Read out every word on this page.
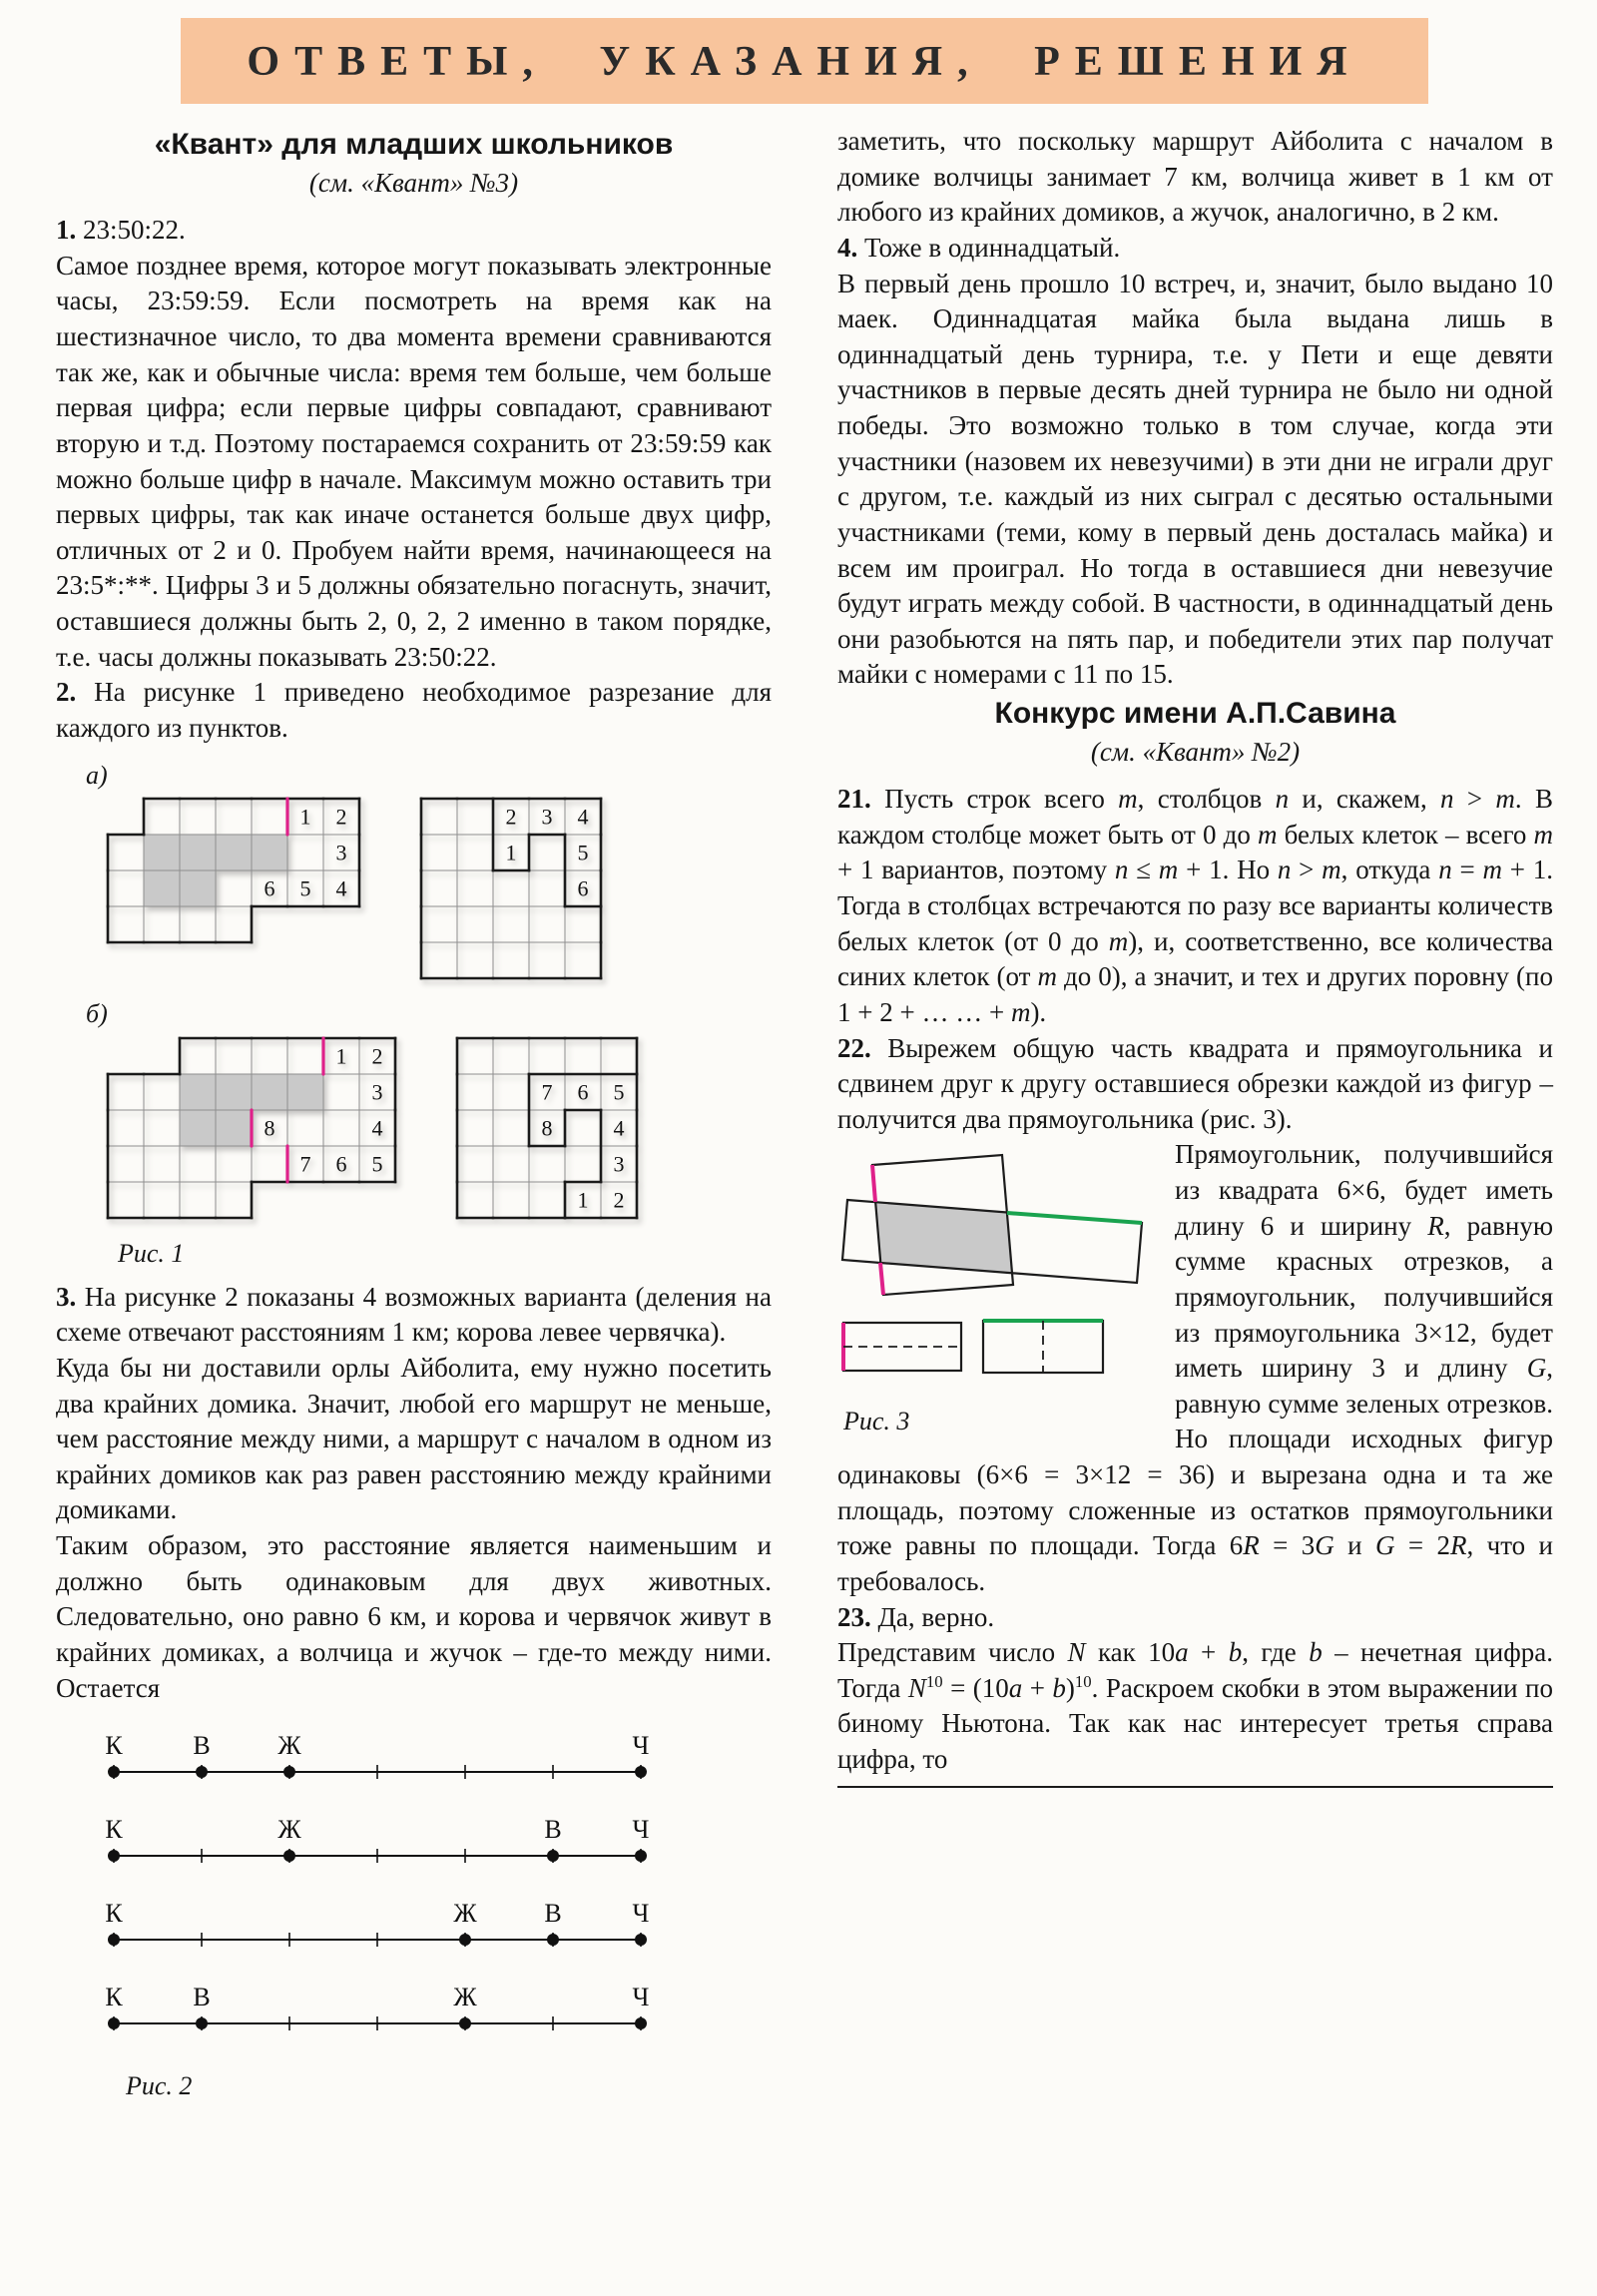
ОТВЕТЫ, УКАЗАНИЯ, РЕШЕНИЯ
«Квант» для младших школьников
(см. «Квант» №3)

1. 23:50:22.

Самое позднее время, которое могут показывать электронные часы, 23:59:59. Если посмотреть на время как на шестизначное число, то два момента времени сравниваются так же, как и обычные числа: время тем больше, чем больше первая цифра; если первые цифры совпадают, сравнивают вторую и т.д. Поэтому постараемся сохранить от 23:59:59 как можно больше цифр в начале. Максимум можно оставить три первых цифры, так как иначе останется больше двух цифр, отличных от 2 и 0. Пробуем найти время, начинающееся на 23:5*:**. Цифры 3 и 5 должны обязательно погаснуть, значит, оставшиеся должны быть 2, 0, 2, 2 именно в таком порядке, т.е. часы должны показывать 23:50:22.

2. На рисунке 1 приведено необходимое разрезание для каждого из пунктов.

а)
1 2
3
6 5 4
2 3 4
1	5
6
б)
1 2
3
8	4
7 6 5
7 6 5
8	4
3
1 2
Рис. 1

3. На рисунке 2 показаны 4 возможных варианта (деления на схеме отвечают расстояниям 1 км; корова левее червячка).

Куда бы ни доставили орлы Айболита, ему нужно посетить два крайних домика. Значит, любой его маршрут не меньше, чем расстояние между ними, а маршрут с началом в одном из крайних домиков как раз равен расстоянию между крайними домиками.

Таким образом, это расстояние является наименьшим и должно быть одинаковым для двух животных. Следовательно, оно равно 6 км, и корова и червячок живут в крайних домиках, а волчица и жучок – где-то между ними. Остается

К	В	Ж	Ч
К	Ж	В	Ч
К	Ж	В	Ч
К	В	Ж	Ч
Рис. 2

заметить, что поскольку маршрут Айболита с началом в домике волчицы занимает 7 км, волчица живет в 1 км от любого из крайних домиков, а жучок, аналогично, в 2 км.

4. Тоже в одиннадцатый.

В первый день прошло 10 встреч, и, значит, было выдано 10 маек. Одиннадцатая майка была выдана лишь в одиннадцатый день турнира, т.е. у Пети и еще девяти участников в первые десять дней турнира не было ни одной победы. Это возможно только в том случае, когда эти участники (назовем их невезучими) в эти дни не играли друг с другом, т.е. каждый из них сыграл с десятью остальными участниками (теми, кому в первый день досталась майка) и всем им проиграл. Но тогда в оставшиеся дни невезучие будут играть между собой. В частности, в одиннадцатый день они разобьются на пять пар, и победители этих пар получат майки с номерами с 11 по 15.

Конкурс имени А.П.Савина
(см. «Квант» №2)

21. Пусть строк всего m, столбцов n и, скажем, n > m. В каждом столбце может быть от 0 до m белых клеток – всего m + 1 вариантов, поэтому n ≤ m + 1. Но n > m, откуда n = m + 1. Тогда в столбцах встречаются по разу все варианты количеств белых клеток (от 0 до m), и, соответственно, все количества синих клеток (от m до 0), а значит, и тех и других поровну (по 1 + 2 + … … + m).

22. Вырежем общую часть квадрата и прямоугольника и сдвинем друг к другу оставшиеся обрезки каждой из фигур – получится два прямоугольника (рис. 3).

Рис. 3

Прямоугольник, получившийся из квадрата 6×6, будет иметь длину 6 и ширину R, равную сумме красных отрезков, а прямоугольник, получившийся из прямоугольника 3×12, будет иметь ширину 3 и длину G, равную сумме зеленых отрезков. Но площади исходных фигур одинаковы (6×6 = 3×12 = 36) и вырезана одна и та же площадь, поэтому сложенные из остатков прямоугольники тоже равны по площади. Тогда 6R = 3G и G = 2R, что и требовалось.

23. Да, верно.

Представим число N как 10a + b, где b – нечетная цифра. Тогда $N^{10} = (10a + b)^{10}$. Раскроем скобки в этом выражении по биному Ньютона. Так как нас интересует третья справа цифра, то
